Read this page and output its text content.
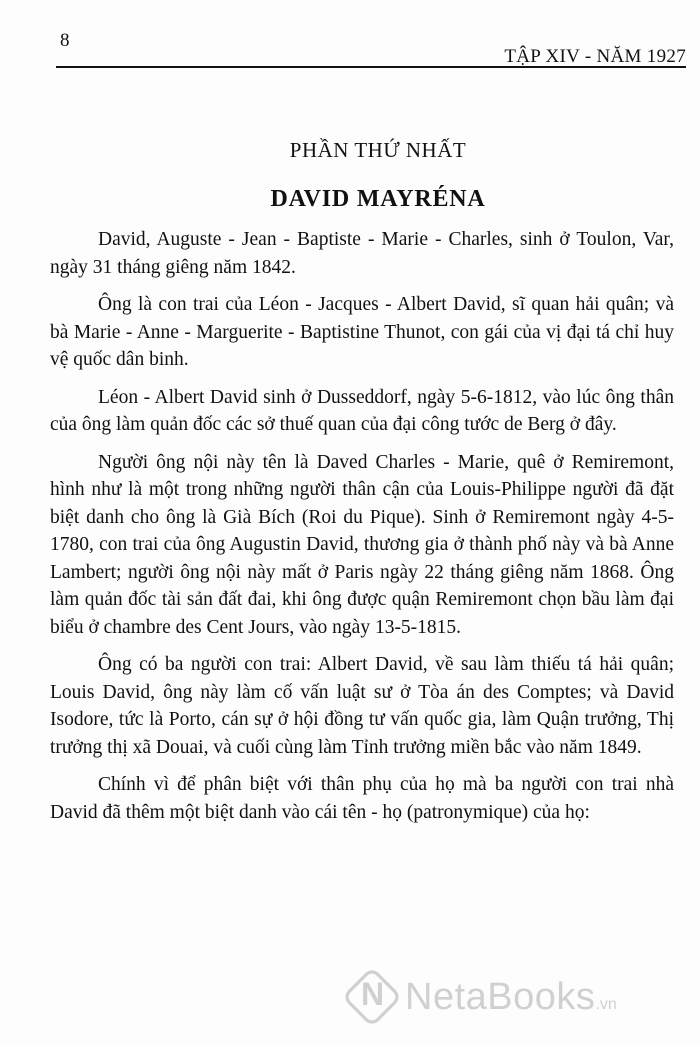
8
TẬP XIV - NĂM 1927
PHẦN THỨ NHẤT
DAVID MAYRÉNA

David, Auguste - Jean - Baptiste - Marie - Charles, sinh ở Toulon, Var, ngày 31 tháng giêng năm 1842.

Ông là con trai của Léon - Jacques - Albert David, sĩ quan hải quân; và bà Marie - Anne - Marguerite - Baptistine Thunot, con gái của vị đại tá chỉ huy vệ quốc dân binh.

Léon - Albert David sinh ở Dusseddorf, ngày 5-6-1812, vào lúc ông thân của ông làm quản đốc các sở thuế quan của đại công tước de Berg ở đây.

Người ông nội này tên là Daved Charles - Marie, quê ở Remiremont, hình như là một trong những người thân cận của Louis-Philippe người đã đặt biệt danh cho ông là Già Bích (Roi du Pique). Sinh ở Remiremont ngày 4-5-1780, con trai của ông Augustin David, thương gia ở thành phố này và bà Anne Lambert; người ông nội này mất ở Paris ngày 22 tháng giêng năm 1868. Ông làm quản đốc tài sản đất đai, khi ông được quận Remiremont chọn bầu làm đại biểu ở chambre des Cent Jours, vào ngày 13-5-1815.

Ông có ba người con trai: Albert David, về sau làm thiếu tá hải quân; Louis David, ông này làm cố vấn luật sư ở Tòa án des Comptes; và David Isodore, tức là Porto, cán sự ở hội đồng tư vấn quốc gia, làm Quận trưởng, Thị trưởng thị xã Douai, và cuối cùng làm Tỉnh trưởng miền bắc vào năm 1849.

Chính vì để phân biệt với thân phụ của họ mà ba người con trai nhà David đã thêm một biệt danh vào cái tên - họ (patronymique) của họ:

N NetaBooks.vn
